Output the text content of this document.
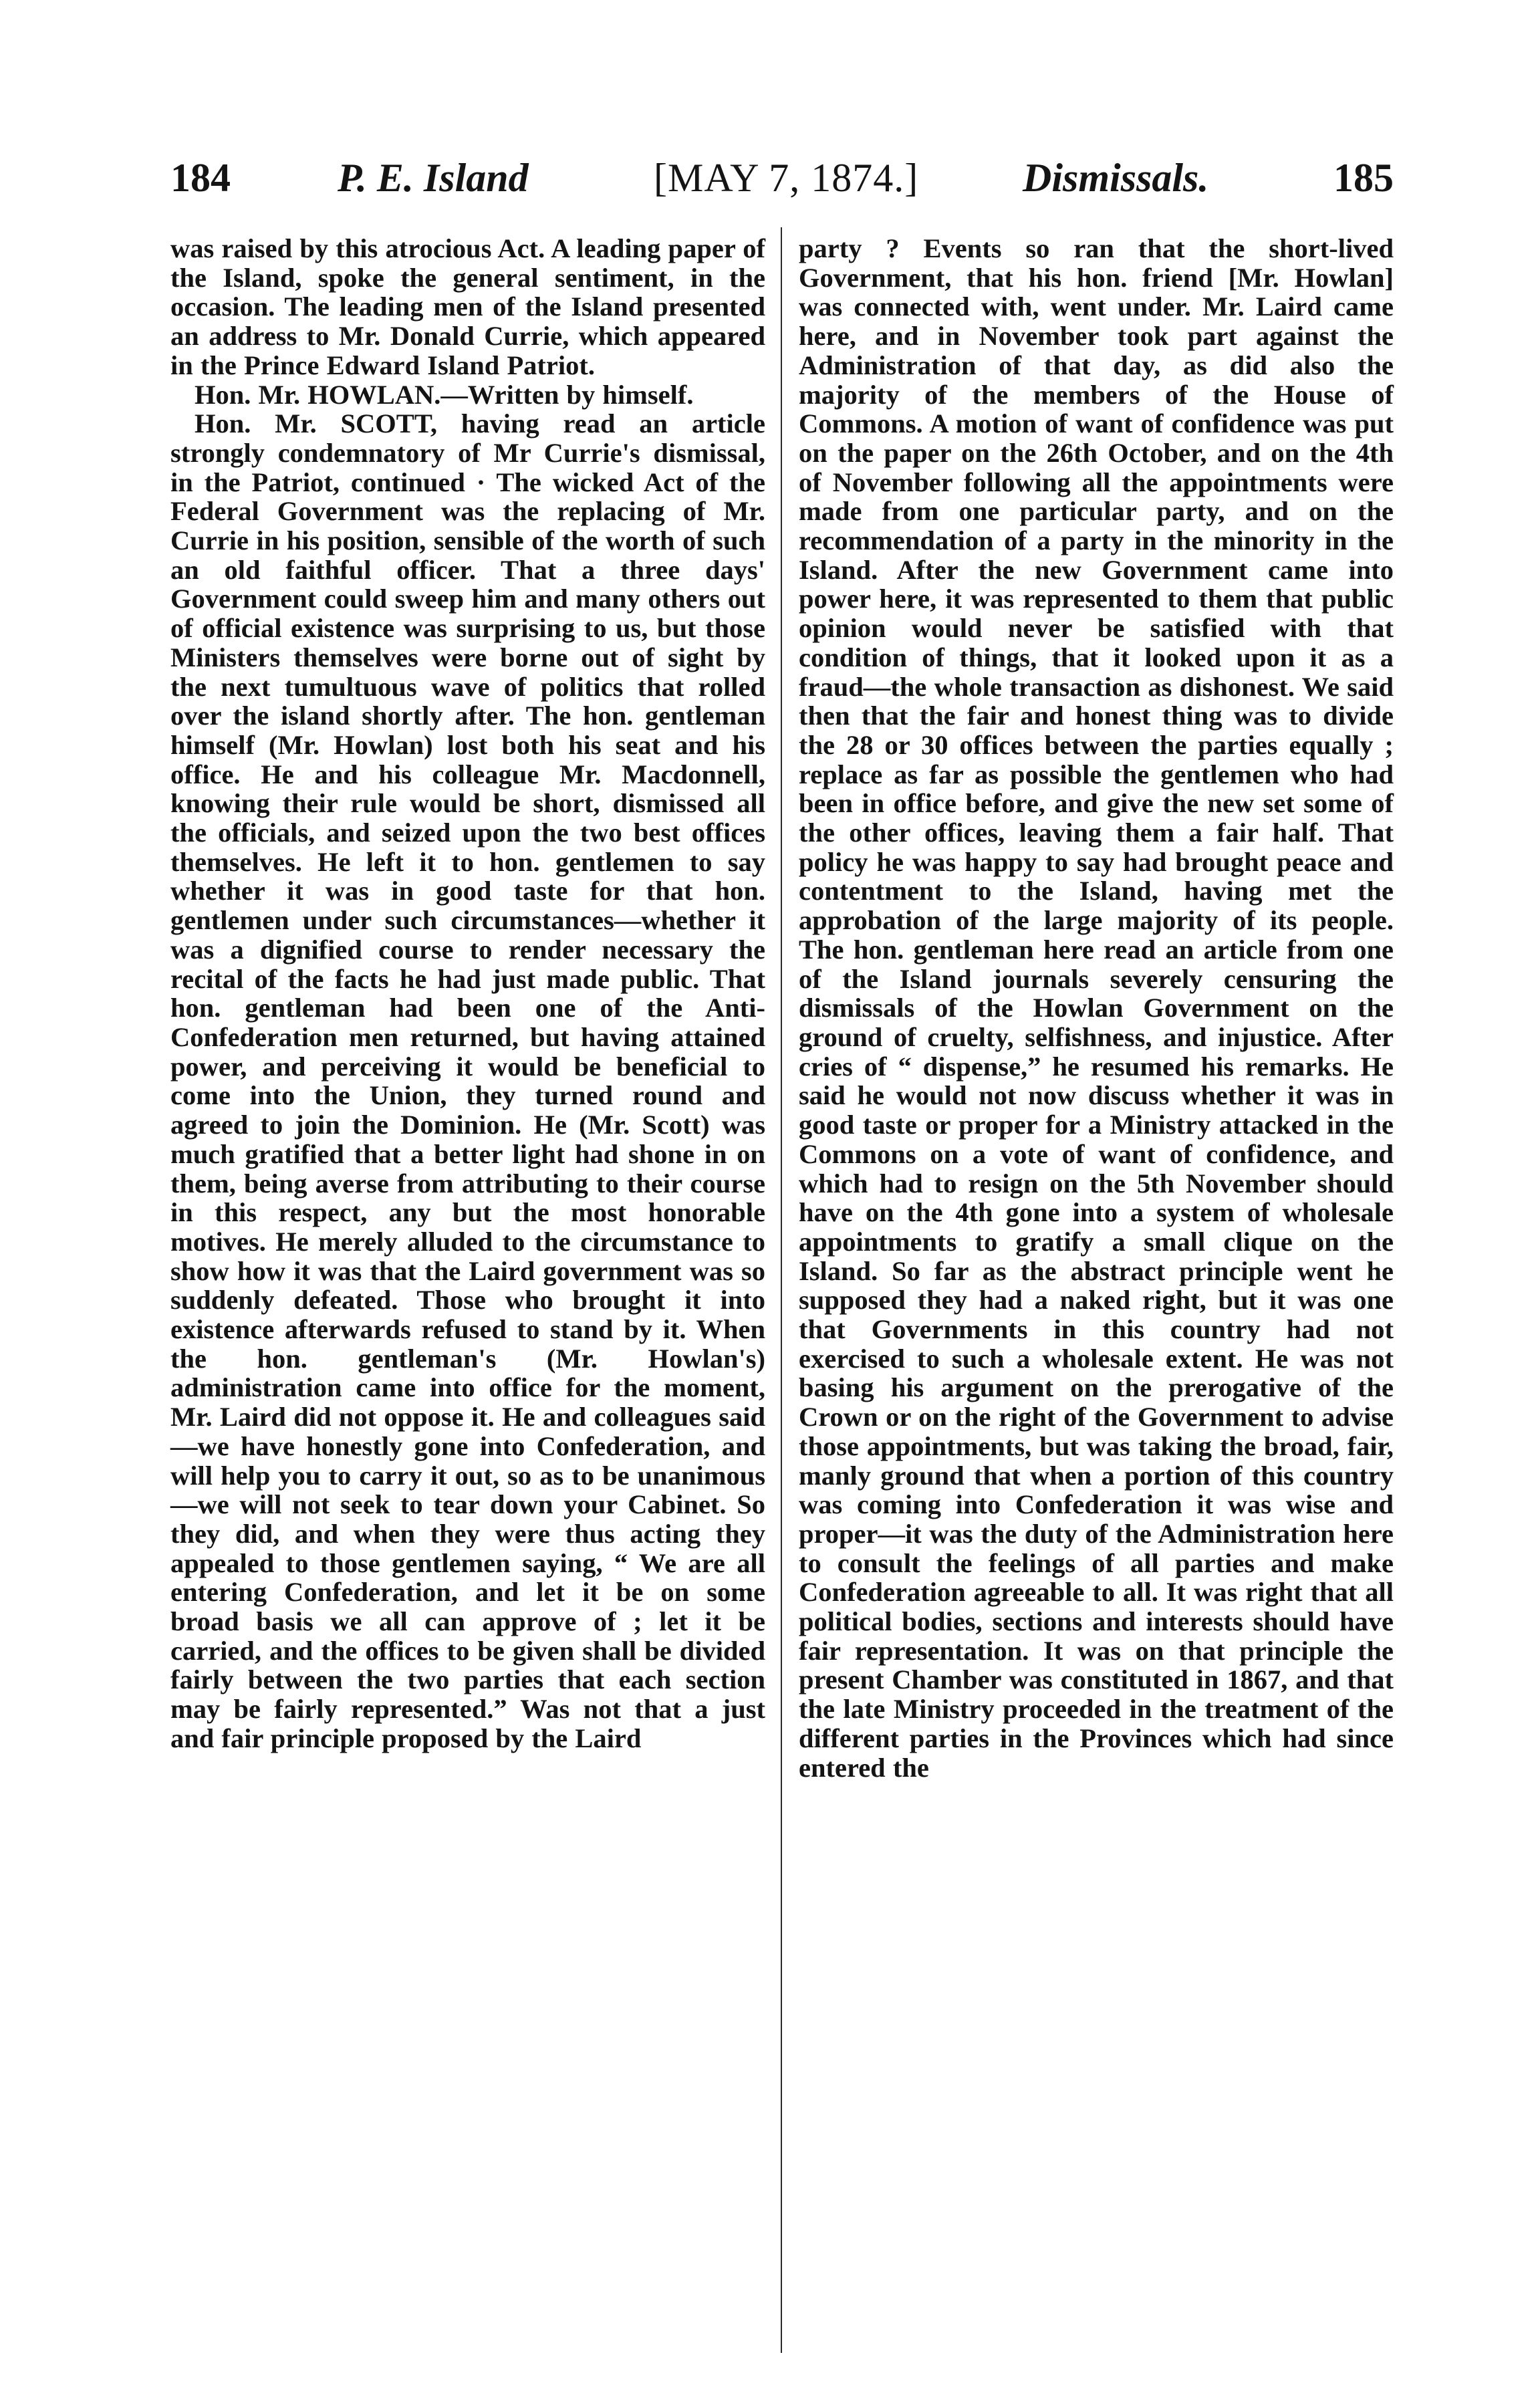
184	P. E. Island	[MAY 7, 1874.]	Dismissals.	185

was raised by this atrocious Act. A leading paper of the Island, spoke the general sentiment, in the occasion. The leading men of the Island presented an address to Mr. Donald Currie, which appeared in the Prince Edward Island Patriot.

Hon. Mr. HOWLAN.—Written by himself.

Hon. Mr. SCOTT, having read an article strongly condemnatory of Mr Currie's dismissal, in the Patriot, continued · The wicked Act of the Federal Government was the replacing of Mr. Currie in his position, sensible of the worth of such an old faithful officer. That a three days' Government could sweep him and many others out of official existence was surprising to us, but those Ministers themselves were borne out of sight by the next tumultuous wave of politics that rolled over the island shortly after. The hon. gentleman himself (Mr. Howlan) lost both his seat and his office. He and his colleague Mr. Macdonnell, knowing their rule would be short, dismissed all the officials, and seized upon the two best offices themselves. He left it to hon. gentlemen to say whether it was in good taste for that hon. gentlemen under such circumstances—whether it was a dignified course to render necessary the recital of the facts he had just made public. That hon. gentleman had been one of the Anti-Confederation men returned, but having attained power, and perceiving it would be beneficial to come into the Union, they turned round and agreed to join the Dominion. He (Mr. Scott) was much gratified that a better light had shone in on them, being averse from attributing to their course in this respect, any but the most honorable motives. He merely alluded to the circumstance to show how it was that the Laird government was so suddenly defeated. Those who brought it into existence afterwards refused to stand by it. When the hon. gentleman's (Mr. Howlan's) administration came into office for the moment, Mr. Laird did not oppose it. He and colleagues said—we have honestly gone into Confederation, and will help you to carry it out, so as to be unanimous—we will not seek to tear down your Cabinet. So they did, and when they were thus acting they appealed to those gentlemen saying, “ We are all entering Confederation, and let it be on some broad basis we all can approve of ; let it be carried, and the offices to be given shall be divided fairly between the two parties that each section may be fairly represented.” Was not that a just and fair principle proposed by the Laird

party ? Events so ran that the short-lived Government, that his hon. friend [Mr. Howlan] was connected with, went under. Mr. Laird came here, and in November took part against the Administration of that day, as did also the majority of the members of the House of Commons. A motion of want of confidence was put on the paper on the 26th October, and on the 4th of November following all the appointments were made from one particular party, and on the recommendation of a party in the minority in the Island. After the new Government came into power here, it was represented to them that public opinion would never be satisfied with that condition of things, that it looked upon it as a fraud—the whole transaction as dishonest. We said then that the fair and honest thing was to divide the 28 or 30 offices between the parties equally ; replace as far as possible the gentlemen who had been in office before, and give the new set some of the other offices, leaving them a fair half. That policy he was happy to say had brought peace and contentment to the Island, having met the approbation of the large majority of its people. The hon. gentleman here read an article from one of the Island journals severely censuring the dismissals of the Howlan Government on the ground of cruelty, selfishness, and injustice. After cries of “ dispense,” he resumed his remarks. He said he would not now discuss whether it was in good taste or proper for a Ministry attacked in the Commons on a vote of want of confidence, and which had to resign on the 5th November should have on the 4th gone into a system of wholesale appointments to gratify a small clique on the Island. So far as the abstract principle went he supposed they had a naked right, but it was one that Governments in this country had not exercised to such a wholesale extent. He was not basing his argument on the prerogative of the Crown or on the right of the Government to advise those appointments, but was taking the broad, fair, manly ground that when a portion of this country was coming into Confederation it was wise and proper—it was the duty of the Administration here to consult the feelings of all parties and make Confederation agreeable to all. It was right that all political bodies, sections and interests should have fair representation. It was on that principle the present Chamber was constituted in 1867, and that the late Ministry proceeded in the treatment of the different parties in the Provinces which had since entered the
